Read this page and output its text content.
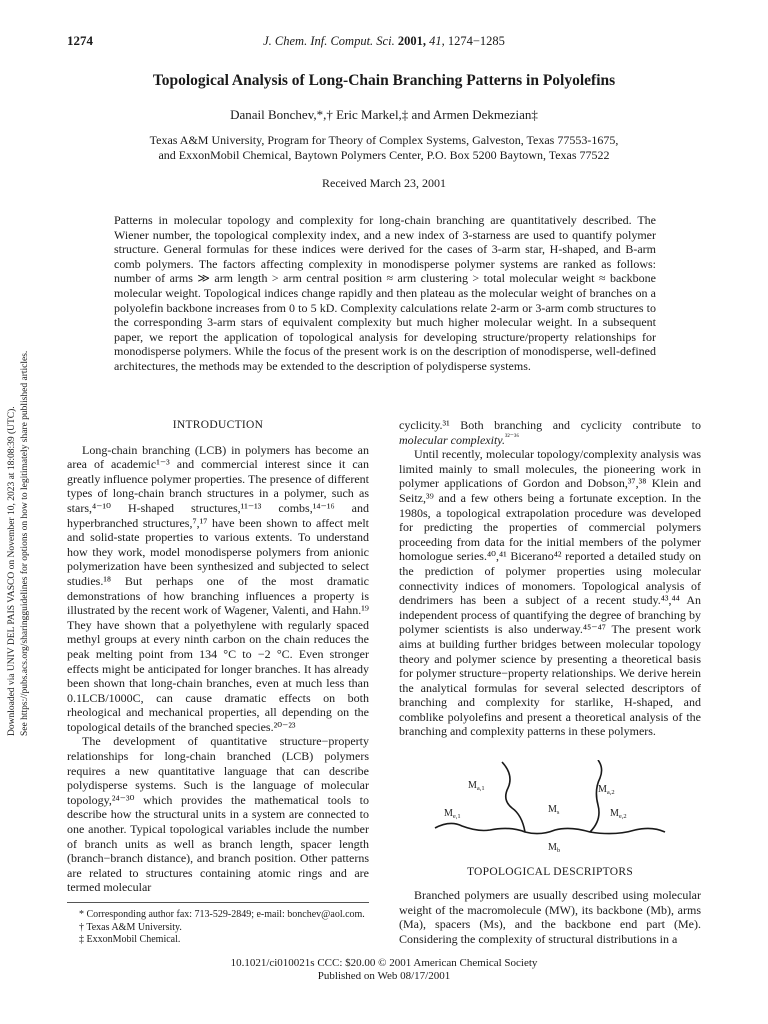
1274	J. Chem. Inf. Comput. Sci. 2001, 41, 1274−1285
Topological Analysis of Long-Chain Branching Patterns in Polyolefins
Danail Bonchev,*,† Eric Markel,‡ and Armen Dekmezian‡
Texas A&M University, Program for Theory of Complex Systems, Galveston, Texas 77553-1675,
and ExxonMobil Chemical, Baytown Polymers Center, P.O. Box 5200 Baytown, Texas 77522
Received March 23, 2001
Patterns in molecular topology and complexity for long-chain branching are quantitatively described. The Wiener number, the topological complexity index, and a new index of 3-starness are used to quantify polymer structure. General formulas for these indices were derived for the cases of 3-arm star, H-shaped, and B-arm comb polymers. The factors affecting complexity in monodisperse polymer systems are ranked as follows: number of arms ≫ arm length > arm central position ≈ arm clustering > total molecular weight ≈ backbone molecular weight. Topological indices change rapidly and then plateau as the molecular weight of branches on a polyolefin backbone increases from 0 to 5 kD. Complexity calculations relate 2-arm or 3-arm comb structures to the corresponding 3-arm stars of equivalent complexity but much higher molecular weight. In a subsequent paper, we report the application of topological analysis for developing structure/property relationships for monodisperse polymers. While the focus of the present work is on the description of monodisperse, well-defined architectures, the methods may be extended to the description of polydisperse systems.
Downloaded via UNIV DEL PAIS VASCO on November 10, 2023 at 18:08:39 (UTC). See https://pubs.acs.org/sharingguidelines for options on how to legitimately share published articles.	INTRODUCTION

Long-chain branching (LCB) in polymers has become an area of academic¹⁻³ and commercial interest since it can greatly influence polymer properties. The presence of different types of long-chain branch structures in a polymer, such as stars,⁴⁻¹⁰ H-shaped structures,¹¹⁻¹³ combs,¹⁴⁻¹⁶ and hyperbranched structures,⁷,¹⁷ have been shown to affect melt and solid-state properties to various extents. To understand how they work, model monodisperse polymers from anionic polymerization have been synthesized and subjected to select studies.¹⁸ But perhaps one of the most dramatic demonstrations of how branching influences a property is illustrated by the recent work of Wagener, Valenti, and Hahn.¹⁹ They have shown that a polyethylene with regularly spaced methyl groups at every ninth carbon on the chain reduces the peak melting point from 134 °C to −2 °C. Even stronger effects might be anticipated for longer branches. It has already been shown that long-chain branches, even at much less than 0.1LCB/1000C, can cause dramatic effects on both rheological and mechanical properties, all depending on the topological details of the branched species.²⁰⁻²³

The development of quantitative structure−property relationships for long-chain branched (LCB) polymers requires a new quantitative language that can describe polydisperse systems. Such is the language of molecular topology,²⁴⁻³⁰ which provides the mathematical tools to describe how the structural units in a system are connected to one another. Typical topological variables include the number of branch units as well as branch length, spacer length (branch−branch distance), and branch position. Other patterns are related to structures containing atomic rings and are termed molecular

cyclicity.³¹ Both branching and cyclicity contribute to molecular complexity.$^{^{32-36}}$

Until recently, molecular topology/complexity analysis was limited mainly to small molecules, the pioneering work in polymer applications of Gordon and Dobson,³⁷,³⁸ Klein and Seitz,³⁹ and a few others being a fortunate exception. In the 1980s, a topological extrapolation procedure was developed for predicting the properties of commercial polymers proceeding from data for the initial members of the polymer homologue series.⁴⁰,⁴¹ Bicerano⁴² reported a detailed study on the prediction of polymer properties using molecular connectivity indices of monomers. Topological analysis of dendrimers has been a subject of a recent study.⁴³,⁴⁴ An independent process of quantifying the degree of branching by polymer scientists is also underway.⁴⁵⁻⁴⁷ The present work aims at building further bridges between molecular topology theory and polymer science by presenting a theoretical basis for polymer structure−property relationships. We derive herein the analytical formulas for several selected descriptors of branching and complexity for starlike, H-shaped, and comblike polyolefins and present a theoretical analysis of the branching and complexity patterns in these polymers.

$M_{a,1}$	$M_{a,2}$
$M_{e,1}$
$M_s$	$M_{e,2}$
$M_b$
TOPOLOGICAL DESCRIPTORS

Branched polymers are usually described using molecular weight of the macromolecule (MW), its backbone (Mb), arms (Ma), spacers (Ms), and the backbone end part (Me). Considering the complexity of structural distributions in a

* Corresponding author fax: 713-529-2849; e-mail: bonchev@aol.com.
† Texas A&M University.
‡ ExxonMobil Chemical.
10.1021/ci010021s CCC: $20.00 © 2001 American Chemical Society
Published on Web 08/17/2001
